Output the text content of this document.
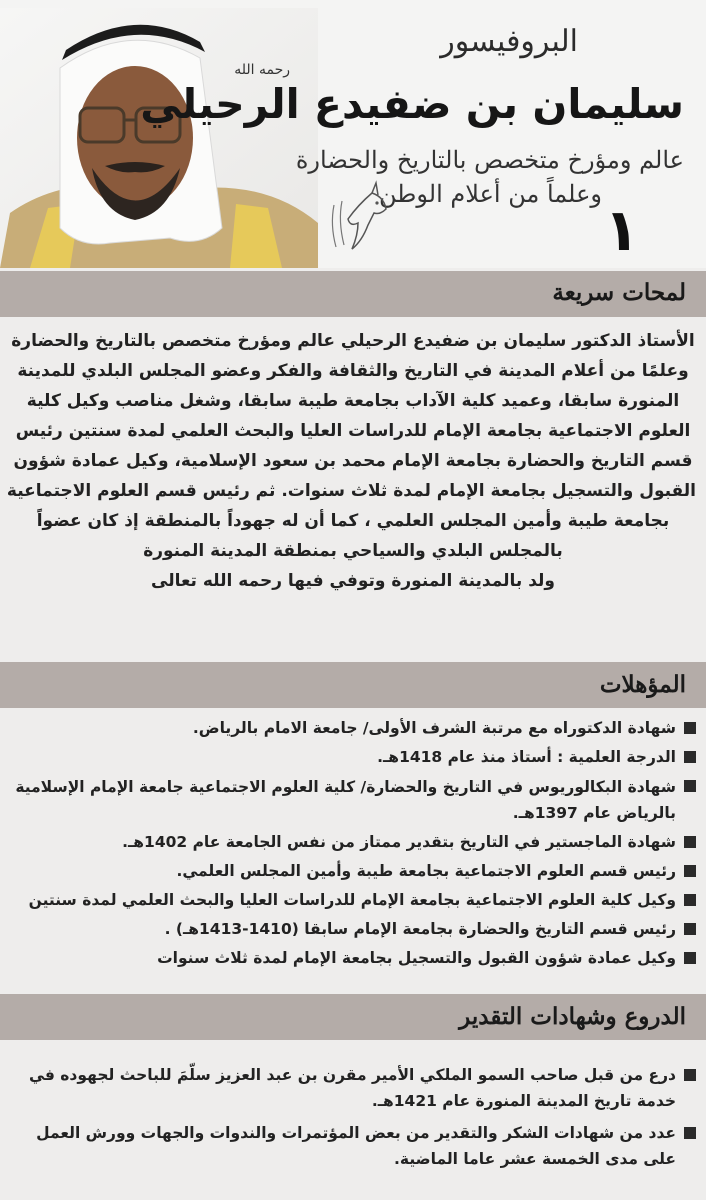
البروفيسور
رحمه الله
سليمان بن ضفيدع الرحيلي
عالم ومؤرخ متخصص بالتاريخ والحضارة
وعلماً من أعلام الوطن
١
لمحات سريعة
الأستاذ الدكتور سليمان بن ضفيدع الرحيلي عالم ومؤرخ متخصص بالتاريخ والحضارة
وعلمًا من أعلام المدينة في التاريخ والثقافة والفكر وعضو المجلس البلدي للمدينة
المنورة سابقا، وعميد كلية الآداب بجامعة طيبة سابقا، وشغل مناصب وكيل كلية
العلوم الاجتماعية بجامعة الإمام للدراسات العليا والبحث العلمي لمدة سنتين رئيس
قسم التاريخ والحضارة بجامعة الإمام محمد بن سعود الإسلامية، وكيل عمادة شؤون
القبول والتسجيل بجامعة الإمام لمدة ثلاث سنوات. ثم رئيس قسم العلوم الاجتماعية
بجامعة طيبة وأمين المجلس العلمي ، كما أن له جهوداً بالمنطقة إذ كان عضواً
بالمجلس البلدي والسياحي بمنطقة المدينة المنورة
ولد بالمدينة المنورة وتوفي فيها رحمه الله تعالى
المؤهلات
شهادة الدكتوراه مع مرتبة الشرف الأولى/ جامعة الامام بالرياض.
الدرجة العلمية : أستاذ منذ عام 1418هـ.
شهادة البكالوريوس في التاريخ والحضارة/ كلية العلوم الاجتماعية جامعة الإمام الإسلامية بالرياض عام 1397هـ.
شهادة الماجستير في التاريخ بتقدير ممتاز من نفس الجامعة عام 1402هـ.
رئيس قسم العلوم الاجتماعية بجامعة طيبة وأمين المجلس العلمي.
وكيل كلية العلوم الاجتماعية بجامعة الإمام للدراسات العليا والبحث العلمي لمدة سنتين
رئيس قسم التاريخ والحضارة بجامعة الإمام سابقا (1410-1413هـ) .
وكيل عمادة شؤون القبول والتسجيل بجامعة الإمام لمدة ثلاث سنوات
الدروع وشهادات التقدير
درع من قبل صاحب السمو الملكي الأمير مقرن بن عبد العزيز سلّمَ للباحث لجهوده في خدمة تاريخ المدينة المنورة عام 1421هـ.
عدد من شهادات الشكر والتقدير من بعض المؤتمرات والندوات والجهات وورش العمل على مدى الخمسة عشر عاما الماضية.
